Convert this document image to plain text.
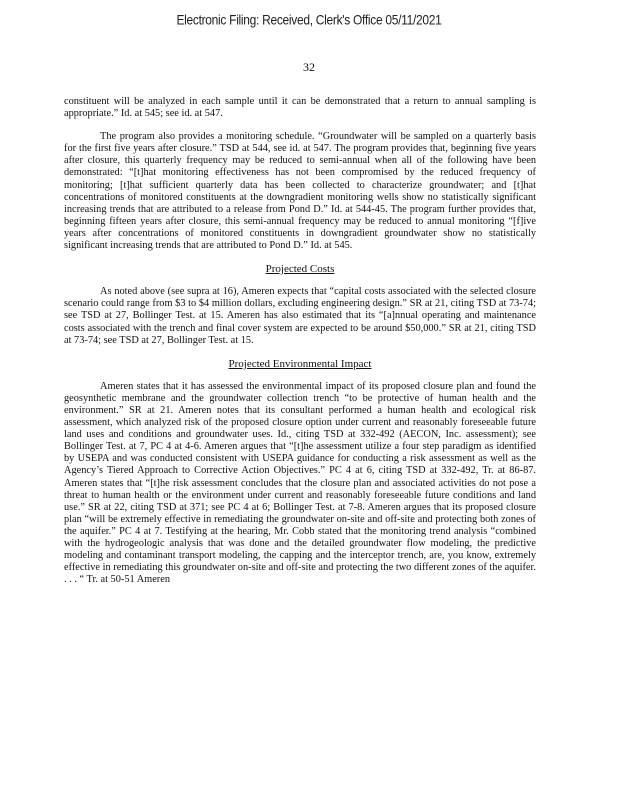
Electronic Filing: Received, Clerk's Office 05/11/2021
32

constituent will be analyzed in each sample until it can be demonstrated that a return to annual sampling is appropriate.” Id. at 545; see id. at 547.

The program also provides a monitoring schedule. “Groundwater will be sampled on a quarterly basis for the first five years after closure.” TSD at 544, see id. at 547. The program provides that, beginning five years after closure, this quarterly frequency may be reduced to semi-annual when all of the following have been demonstrated: “[t]hat monitoring effectiveness has not been compromised by the reduced frequency of monitoring; [t]hat sufficient quarterly data has been collected to characterize groundwater; and [t]hat concentrations of monitored constituents at the downgradient monitoring wells show no statistically significant increasing trends that are attributed to a release from Pond D.” Id. at 544-45. The program further provides that, beginning fifteen years after closure, this semi-annual frequency may be reduced to annual monitoring “[f]ive years after concentrations of monitored constituents in downgradient groundwater show no statistically significant increasing trends that are attributed to Pond D.” Id. at 545.

Projected Costs

As noted above (see supra at 16), Ameren expects that “capital costs associated with the selected closure scenario could range from $3 to $4 million dollars, excluding engineering design.” SR at 21, citing TSD at 73-74; see TSD at 27, Bollinger Test. at 15. Ameren has also estimated that its “[a]nnual operating and maintenance costs associated with the trench and final cover system are expected to be around $50,000.” SR at 21, citing TSD at 73-74; see TSD at 27, Bollinger Test. at 15.

Projected Environmental Impact

Ameren states that it has assessed the environmental impact of its proposed closure plan and found the geosynthetic membrane and the groundwater collection trench “to be protective of human health and the environment.” SR at 21. Ameren notes that its consultant performed a human health and ecological risk assessment, which analyzed risk of the proposed closure option under current and reasonably foreseeable future land uses and conditions and groundwater uses. Id., citing TSD at 332-492 (AECON, Inc. assessment); see Bollinger Test. at 7, PC 4 at 4-6. Ameren argues that “[t]he assessment utilize a four step paradigm as identified by USEPA and was conducted consistent with USEPA guidance for conducting a risk assessment as well as the Agency’s Tiered Approach to Corrective Action Objectives.” PC 4 at 6, citing TSD at 332-492, Tr. at 86-87. Ameren states that “[t]he risk assessment concludes that the closure plan and associated activities do not pose a threat to human health or the environment under current and reasonably foreseeable future conditions and land use.” SR at 22, citing TSD at 371; see PC 4 at 6; Bollinger Test. at 7-8. Ameren argues that its proposed closure plan “will be extremely effective in remediating the groundwater on-site and off-site and protecting both zones of the aquifer.” PC 4 at 7. Testifying at the hearing, Mr. Cobb stated that the monitoring trend analysis “combined with the hydrogeologic analysis that was done and the detailed groundwater flow modeling, the predictive modeling and contaminant transport modeling, the capping and the interceptor trench, are, you know, extremely effective in remediating this groundwater on-site and off-site and protecting the two different zones of the aquifer. . . . “ Tr. at 50-51 Ameren
